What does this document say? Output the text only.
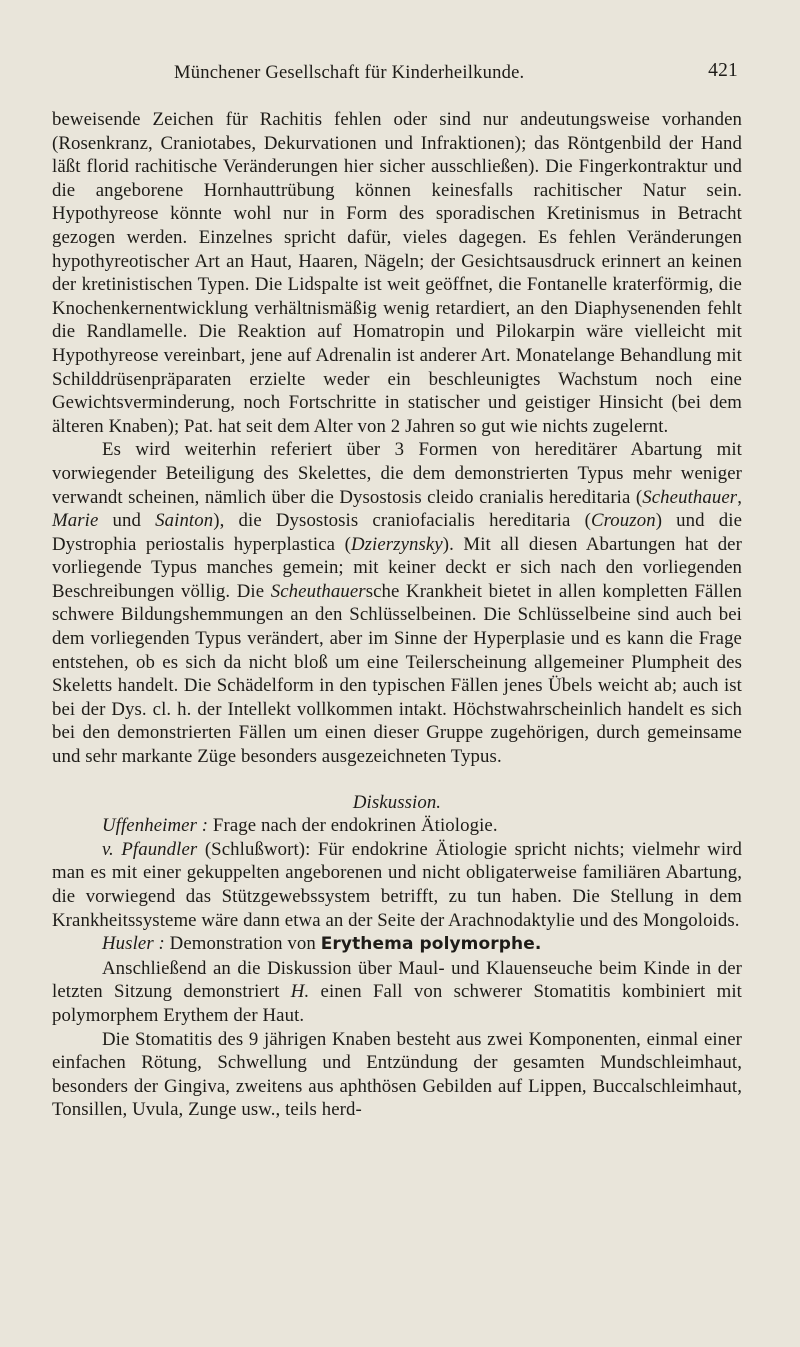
Münchener Gesellschaft für Kinderheilkunde.	421

beweisende Zeichen für Rachitis fehlen oder sind nur andeutungsweise vorhanden (Rosenkranz, Craniotabes, Dekurvationen und Infraktionen); das Röntgenbild der Hand läßt florid rachitische Veränderungen hier sicher ausschließen). Die Fingerkontraktur und die angeborene Hornhauttrübung können keinesfalls rachitischer Natur sein. Hypothyreose könnte wohl nur in Form des sporadischen Kretinismus in Betracht gezogen werden. Einzelnes spricht dafür, vieles dagegen. Es fehlen Veränderungen hypothyreotischer Art an Haut, Haaren, Nägeln; der Gesichtsausdruck erinnert an keinen der kretinistischen Typen. Die Lidspalte ist weit geöffnet, die Fontanelle kraterförmig, die Knochenkernentwicklung verhältnismäßig wenig retardiert, an den Diaphysenenden fehlt die Randlamelle. Die Reaktion auf Homatropin und Pilokarpin wäre vielleicht mit Hypothyreose vereinbart, jene auf Adrenalin ist anderer Art. Monatelange Behandlung mit Schilddrüsenpräparaten erzielte weder ein beschleunigtes Wachstum noch eine Gewichtsverminderung, noch Fortschritte in statischer und geistiger Hinsicht (bei dem älteren Knaben); Pat. hat seit dem Alter von 2 Jahren so gut wie nichts zugelernt.

Es wird weiterhin referiert über 3 Formen von hereditärer Abartung mit vorwiegender Beteiligung des Skelettes, die dem demonstrierten Typus mehr weniger verwandt scheinen, nämlich über die Dysostosis cleido cranialis hereditaria (Scheuthauer, Marie und Sainton), die Dysostosis craniofacialis hereditaria (Crouzon) und die Dystrophia periostalis hyperplastica (Dzierzynsky). Mit all diesen Abartungen hat der vorliegende Typus manches gemein; mit keiner deckt er sich nach den vorliegenden Beschreibungen völlig. Die Scheuthauersche Krankheit bietet in allen kompletten Fällen schwere Bildungshemmungen an den Schlüsselbeinen. Die Schlüsselbeine sind auch bei dem vorliegenden Typus verändert, aber im Sinne der Hyperplasie und es kann die Frage entstehen, ob es sich da nicht bloß um eine Teilerscheinung allgemeiner Plumpheit des Skeletts handelt. Die Schädelform in den typischen Fällen jenes Übels weicht ab; auch ist bei der Dys. cl. h. der Intellekt vollkommen intakt. Höchstwahrscheinlich handelt es sich bei den demonstrierten Fällen um einen dieser Gruppe zugehörigen, durch gemeinsame und sehr markante Züge besonders ausgezeichneten Typus.

Diskussion.

Uffenheimer : Frage nach der endokrinen Ätiologie.

v. Pfaundler (Schlußwort): Für endokrine Ätiologie spricht nichts; vielmehr wird man es mit einer gekuppelten angeborenen und nicht obligaterweise familiären Abartung, die vorwiegend das Stützgewebssystem betrifft, zu tun haben. Die Stellung in dem Krankheitssysteme wäre dann etwa an der Seite der Arachnodaktylie und des Mongoloids.

Husler : Demonstration von Erythema polymorphe.

Anschließend an die Diskussion über Maul- und Klauenseuche beim Kinde in der letzten Sitzung demonstriert H. einen Fall von schwerer Stomatitis kombiniert mit polymorphem Erythem der Haut.

Die Stomatitis des 9 jährigen Knaben besteht aus zwei Komponenten, einmal einer einfachen Rötung, Schwellung und Entzündung der gesamten Mundschleimhaut, besonders der Gingiva, zweitens aus aphthösen Gebilden auf Lippen, Buccalschleimhaut, Tonsillen, Uvula, Zunge usw., teils herd-
